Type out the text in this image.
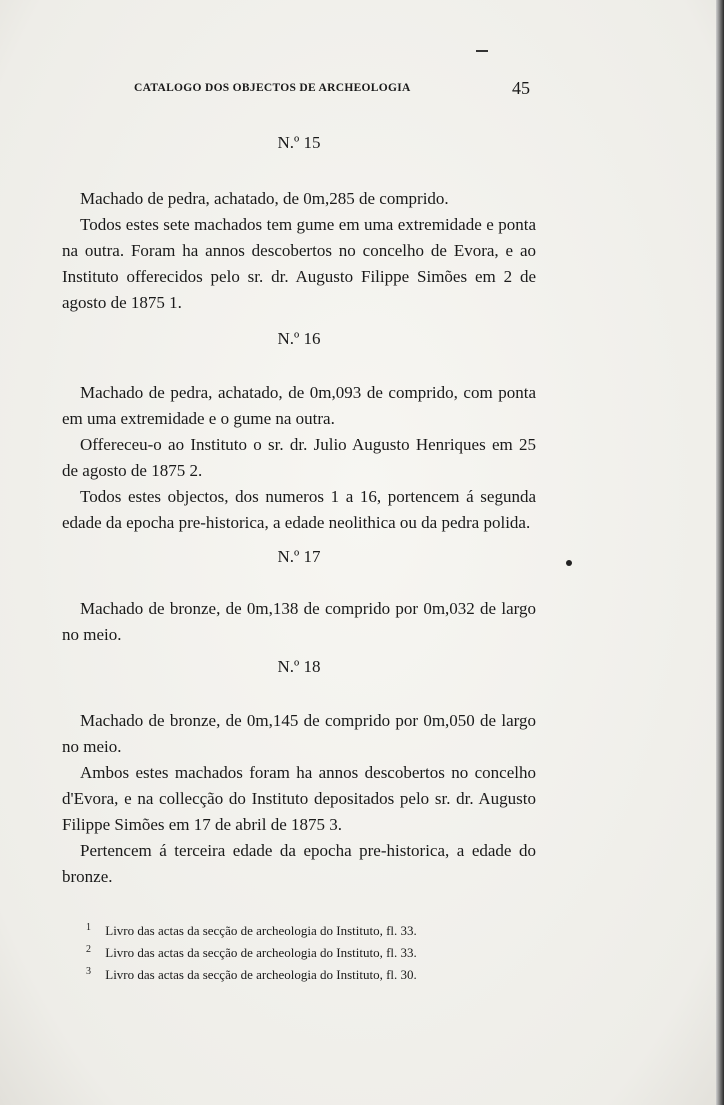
CATALOGO DOS OBJECTOS DE ARCHEOLOGIA	45
N.º 15

Machado de pedra, achatado, de 0m,285 de comprido.

Todos estes sete machados tem gume em uma extremidade e ponta na outra. Foram ha annos descobertos no concelho de Evora, e ao Instituto offerecidos pelo sr. dr. Augusto Filippe Simões em 2 de agosto de 1875 1.

N.º 16

Machado de pedra, achatado, de 0m,093 de comprido, com ponta em uma extremidade e o gume na outra.

Offereceu-o ao Instituto o sr. dr. Julio Augusto Henriques em 25 de agosto de 1875 2.

Todos estes objectos, dos numeros 1 a 16, portencem á segunda edade da epocha pre-historica, a edade neolithica ou da pedra polida.

N.º 17

Machado de bronze, de 0m,138 de comprido por 0m,032 de largo no meio.

N.º 18

Machado de bronze, de 0m,145 de comprido por 0m,050 de largo no meio.

Ambos estes machados foram ha annos descobertos no concelho d'Evora, e na collecção do Instituto depositados pelo sr. dr. Augusto Filippe Simões em 17 de abril de 1875 3.

Pertencem á terceira edade da epocha pre-historica, a edade do bronze.

1 Livro das actas da secção de archeologia do Instituto, fl. 33.
2 Livro das actas da secção de archeologia do Instituto, fl. 33.
3 Livro das actas da secção de archeologia do Instituto, fl. 30.
